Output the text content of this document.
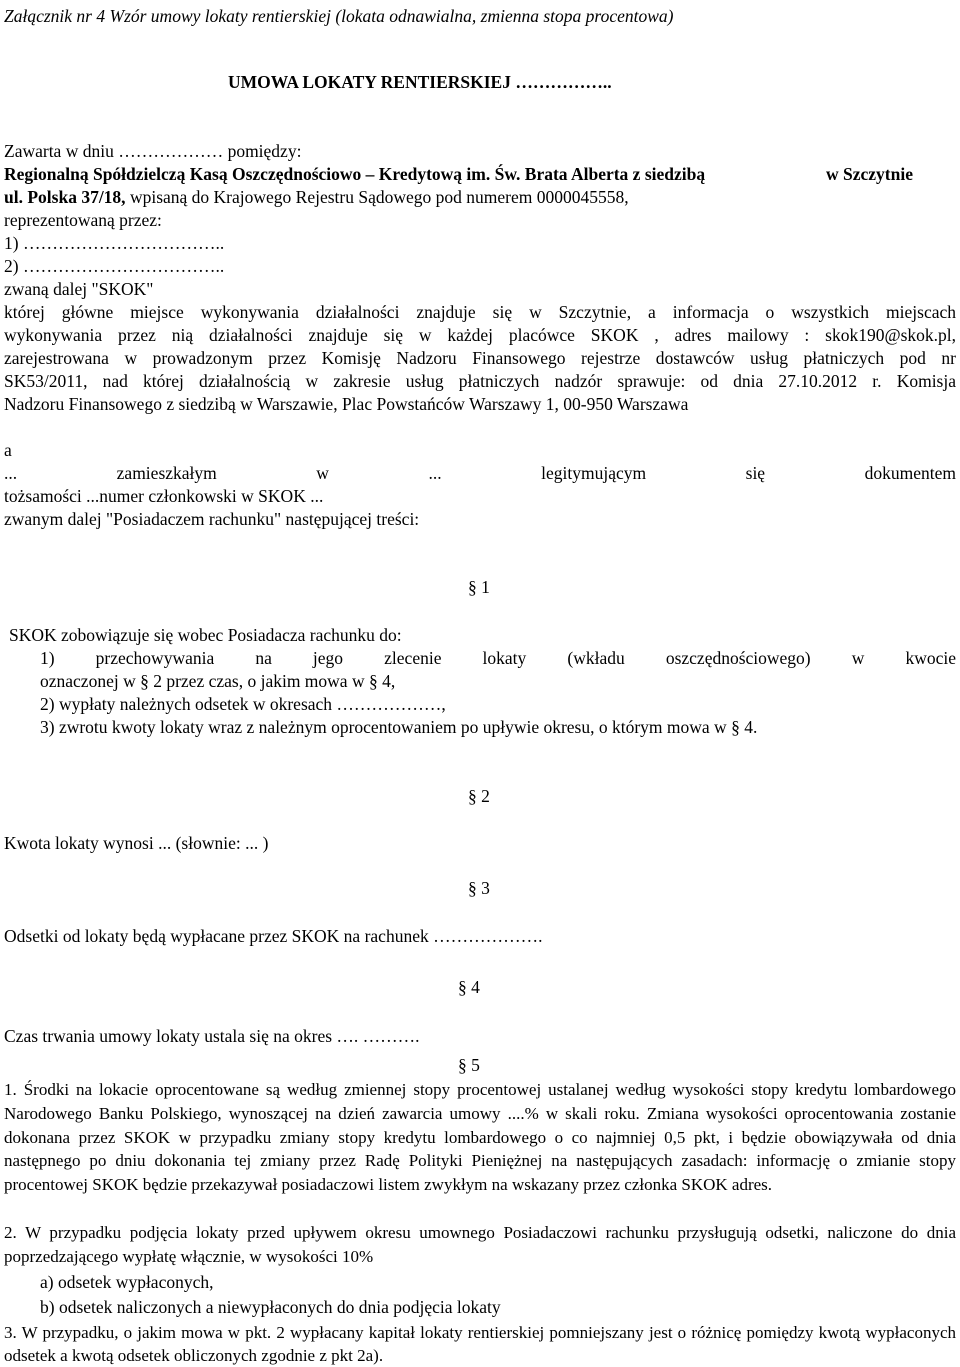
Załącznik nr 4 Wzór umowy lokaty rentierskiej (lokata odnawialna, zmienna stopa procentowa)
UMOWA LOKATY RENTIERSKIEJ ……………..
Zawarta w dniu ……………… pomiędzy:
Regionalną Spółdzielczą Kasą Oszczędnościowo – Kredytową im. Św. Brata Alberta z siedzibą	w Szczytnie
ul. Polska 37/18, wpisaną do Krajowego Rejestru Sądowego pod numerem 0000045558,
reprezentowaną przez:
1) ……………………………..
2) ……………………………..
zwaną dalej "SKOK"
której główne miejsce wykonywania działalności znajduje się w Szczytnie, a informacja o wszystkich miejscach
wykonywania przez nią działalności znajduje się w każdej placówce SKOK , adres mailowy : skok190@skok.pl,
zarejestrowana w prowadzonym przez Komisję Nadzoru Finansowego rejestrze dostawców usług płatniczych pod nr
SK53/2011, nad której działalnością w zakresie usług płatniczych nadzór sprawuje: od dnia 27.10.2012 r. Komisja
Nadzoru Finansowego z siedzibą w Warszawie, Plac Powstańców Warszawy 1, 00-950 Warszawa
a
... zamieszkałym w ... legitymującym się dokumentem
tożsamości ...numer członkowski w SKOK ...
zwanym dalej "Posiadaczem rachunku" następującej treści:
§ 1
SKOK zobowiązuje się wobec Posiadacza rachunku do:
1) przechowywania na jego zlecenie lokaty (wkładu oszczędnościowego) w kwocie
oznaczonej w § 2 przez czas, o jakim mowa w § 4,
2) wypłaty należnych odsetek w okresach ………………,
3) zwrotu kwoty lokaty wraz z należnym oprocentowaniem po upływie okresu, o którym mowa w § 4.
§ 2
Kwota lokaty wynosi ... (słownie: ... )
§ 3
Odsetki od lokaty będą wypłacane przez SKOK na rachunek ……………….
§ 4
Czas trwania umowy lokaty ustala się na okres …. ……….
§ 5
1. Środki na lokacie oprocentowane są według zmiennej stopy procentowej ustalanej według wysokości stopy kredytu lombardowego Narodowego Banku Polskiego, wynoszącej na dzień zawarcia umowy ....% w skali roku. Zmiana wysokości oprocentowania zostanie dokonana przez SKOK w przypadku zmiany stopy kredytu lombardowego o co najmniej 0,5 pkt, i będzie obowiązywała od dnia następnego po dniu dokonania tej zmiany przez Radę Polityki Pieniężnej na następujących zasadach: informację o zmianie stopy procentowej SKOK będzie przekazywał posiadaczowi listem zwykłym na wskazany przez członka SKOK adres.
2. W przypadku podjęcia lokaty przed upływem okresu umownego Posiadaczowi rachunku przysługują odsetki, naliczone do dnia poprzedzającego wypłatę włącznie, w wysokości 10%
a) odsetek wypłaconych,
b) odsetek naliczonych a niewypłaconych do dnia podjęcia lokaty
3. W przypadku, o jakim mowa w pkt. 2 wypłacany kapitał lokaty rentierskiej pomniejszany jest o różnicę pomiędzy kwotą wypłaconych odsetek a kwotą odsetek obliczonych zgodnie z pkt 2a).
